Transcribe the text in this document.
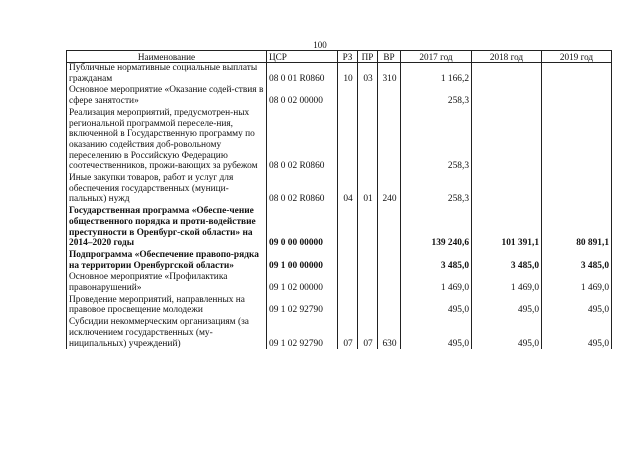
100
Наименование	ЦСР	РЗ	ПР	ВР	2017 год	2018 год	2019 год
Публичные нормативные социальные выплаты гражданам	08 0 01 R0860	10	03	310	1 166,2		
Основное мероприятие «Оказание содей-ствия в сфере занятости»	08 0 02 00000				258,3		
Реализация мероприятий, предусмотрен-ных региональной программой переселе-ния, включенной в Государственную программу по оказанию содействия доб-ровольному переселению в Российскую Федерацию соотечественников, прожи-вающих за рубежом	08 0 02 R0860				258,3		
Иные закупки товаров, работ и услуг для обеспечения государственных (муници-пальных) нужд	08 0 02 R0860	04	01	240	258,3		
Государственная программа «Обеспе-чение общественного порядка и проти-водействие преступности в Оренбург-ской области» на 2014–2020 годы	09 0 00 00000				139 240,6	101 391,1	80 891,1
Подпрограмма «Обеспечение правопо-рядка на территории Оренбургской области»	09 1 00 00000				3 485,0	3 485,0	3 485,0
Основное мероприятие «Профилактика правонарушений»	09 1 02 00000				1 469,0	1 469,0	1 469,0
Проведение мероприятий, направленных на правовое просвещение молодежи	09 1 02 92790				495,0	495,0	495,0
Субсидии некоммерческим организациям (за исключением государственных (му-ниципальных) учреждений)	09 1 02 92790	07	07	630	495,0	495,0	495,0
